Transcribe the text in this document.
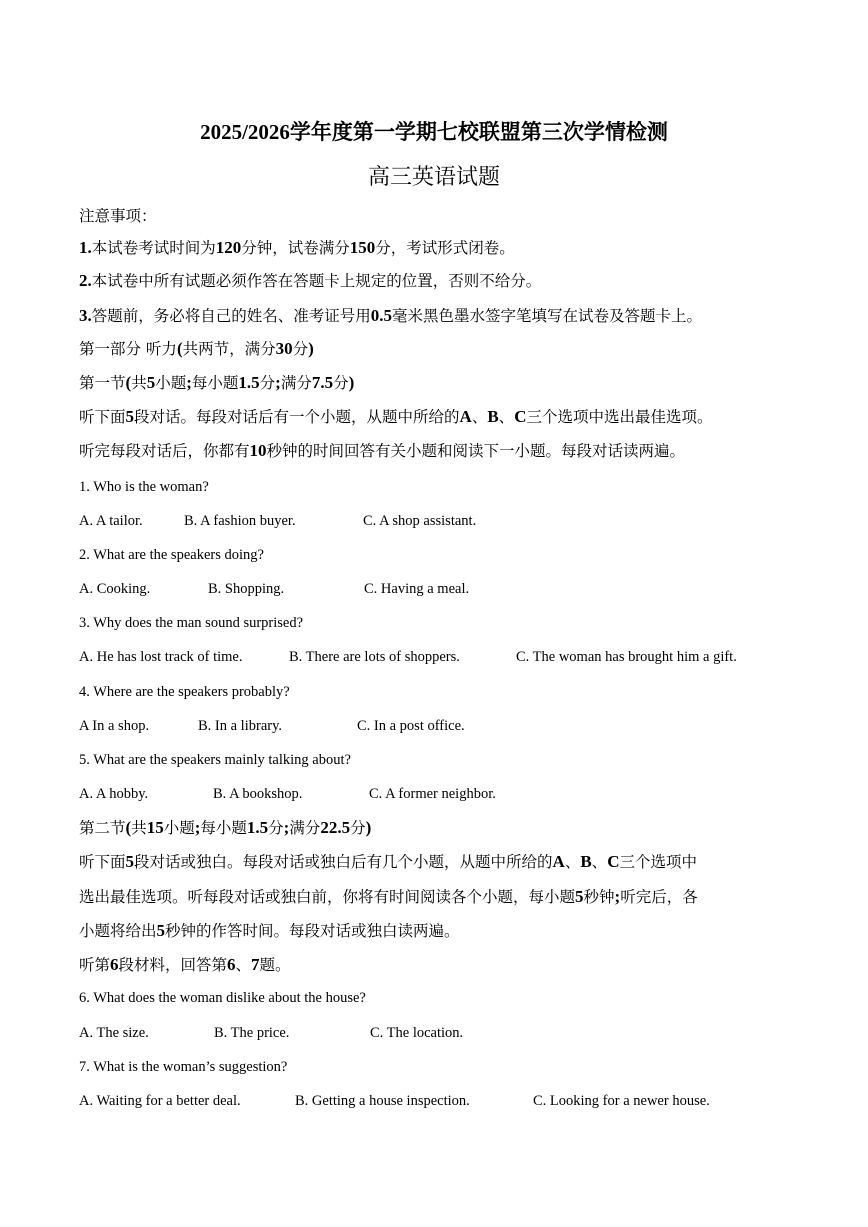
2025/2026学年度第一学期七校联盟第三次学情检测
高三英语试题
注意事项：
1.本试卷考试时间为120分钟，试卷满分150分，考试形式闭卷。
2.本试卷中所有试题必须作答在答题卡上规定的位置，否则不给分。
3.答题前，务必将自己的姓名、准考证号用0.5毫米黑色墨水签字笔填写在试卷及答题卡上。
第一部分 听力(共两节，满分30分)
第一节(共5小题;每小题1.5分;满分7.5分)
听下面5段对话。每段对话后有一个小题，从题中所给的A、B、C三个选项中选出最佳选项。
听完每段对话后，你都有10秒钟的时间回答有关小题和阅读下一小题。每段对话读两遍。
1. Who is the woman?
A. A tailor.	B. A fashion buyer.	C. A shop assistant.
2. What are the speakers doing?
A. Cooking.	B. Shopping.	C. Having a meal.
3. Why does the man sound surprised?
A. He has lost track of time.	B. There are lots of shoppers.	C. The woman has brought him a gift.
4. Where are the speakers probably?
A In a shop.	B. In a library.	C. In a post office.
5. What are the speakers mainly talking about?
A. A hobby.	B. A bookshop.	C. A former neighbor.
第二节(共15小题;每小题1.5分;满分22.5分)
听下面5段对话或独白。每段对话或独白后有几个小题，从题中所给的A、B、C三个选项中
选出最佳选项。听每段对话或独白前，你将有时间阅读各个小题，每小题5秒钟;听完后，各
小题将给出5秒钟的作答时间。每段对话或独白读两遍。
听第6段材料，回答第6、7题。
6. What does the woman dislike about the house?
A. The size.	B. The price.	C. The location.
7. What is the woman’s suggestion?
A. Waiting for a better deal.	B. Getting a house inspection.	C. Looking for a newer house.
